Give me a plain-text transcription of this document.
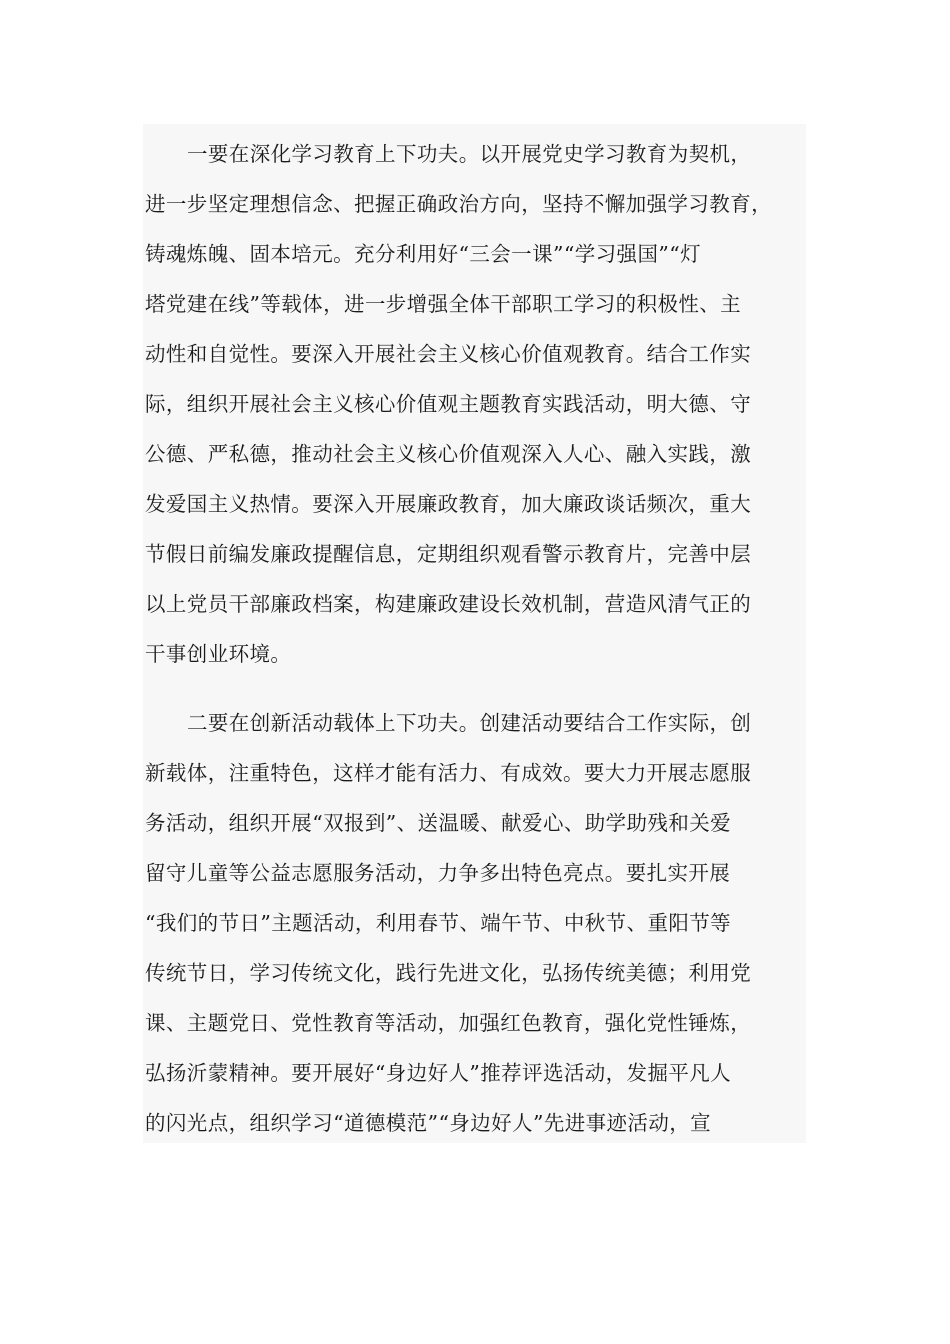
一要在深化学习教育上下功夫。以开展党史学习教育为契机，
进一步坚定理想信念、把握正确政治方向，坚持不懈加强学习教育，
铸魂炼魄、固本培元。充分利用好“三会一课”“学习强国”“灯
塔党建在线”等载体，进一步增强全体干部职工学习的积极性、主
动性和自觉性。要深入开展社会主义核心价值观教育。结合工作实
际，组织开展社会主义核心价值观主题教育实践活动，明大德、守
公德、严私德，推动社会主义核心价值观深入人心、融入实践，激
发爱国主义热情。要深入开展廉政教育，加大廉政谈话频次，重大
节假日前编发廉政提醒信息，定期组织观看警示教育片，完善中层
以上党员干部廉政档案，构建廉政建设长效机制，营造风清气正的
干事创业环境。
二要在创新活动载体上下功夫。创建活动要结合工作实际，创
新载体，注重特色，这样才能有活力、有成效。要大力开展志愿服
务活动，组织开展“双报到”、送温暖、献爱心、助学助残和关爱
留守儿童等公益志愿服务活动，力争多出特色亮点。要扎实开展
“我们的节日”主题活动，利用春节、端午节、中秋节、重阳节等
传统节日，学习传统文化，践行先进文化，弘扬传统美德；利用党
课、主题党日、党性教育等活动，加强红色教育，强化党性锤炼，
弘扬沂蒙精神。要开展好“身边好人”推荐评选活动，发掘平凡人
的闪光点，组织学习“道德模范”“身边好人”先进事迹活动，宣
